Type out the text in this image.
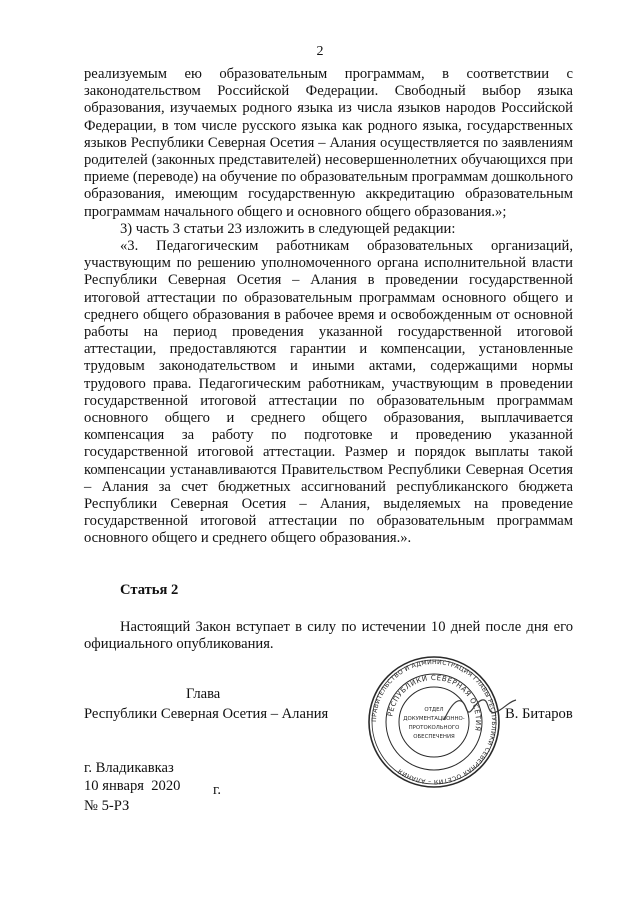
2

реализуемым ею образовательным программам, в соответствии с законодательством Российской Федерации. Свободный выбор языка образования, изучаемых родного языка из числа языков народов Российской Федерации, в том числе русского языка как родного языка, государственных языков Республики Северная Осетия – Алания осуществляется по заявлениям родителей (законных представителей) несовершеннолетних обучающихся при приеме (переводе) на обучение по образовательным программам дошкольного образования, имеющим государственную аккредитацию образовательным программам начального общего и основного общего образования.»;

3) часть 3 статьи 23 изложить в следующей редакции:

«3. Педагогическим работникам образовательных организаций, участвующим по решению уполномоченного органа исполнительной власти Республики Северная Осетия – Алания в проведении государственной итоговой аттестации по образовательным программам основного общего и среднего общего образования в рабочее время и освобожденным от основной работы на период проведения указанной государственной итоговой аттестации, предоставляются гарантии и компенсации, установленные трудовым законодательством и иными актами, содержащими нормы трудового права. Педагогическим работникам, участвующим в проведении государственной итоговой аттестации по образовательным программам основного общего и среднего общего образования, выплачивается компенсация за работу по подготовке и проведению указанной государственной итоговой аттестации. Размер и порядок выплаты такой компенсации устанавливаются Правительством Республики Северная Осетия – Алания за счет бюджетных ассигнований республиканского бюджета Республики Северная Осетия – Алания, выделяемых на проведение государственной итоговой аттестации по образовательным программам основного общего и среднего общего образования.».

Статья 2
Настоящий Закон вступает в силу по истечении 10 дней после дня его официального опубликования.
Глава
Республики Северная Осетия – Алания	ПРАВИТЕЛЬСТВО И АДМИНИСТРАЦИЯ ГЛАВЫ РЕСПУБЛИКИ СЕВЕРНАЯ ОСЕТИЯ – АЛАНИЯ
РЕСПУБЛИКИ СЕВЕРНАЯ ОСЕТИЯ
ОТДЕЛ
ДОКУМЕНТАЦИОННО-
ПРОТОКОЛЬНОГО
ОБЕСПЕЧЕНИЯ
В. Битаров
г. Владикавказ
10 января  2020 г.
№ 5-РЗ
